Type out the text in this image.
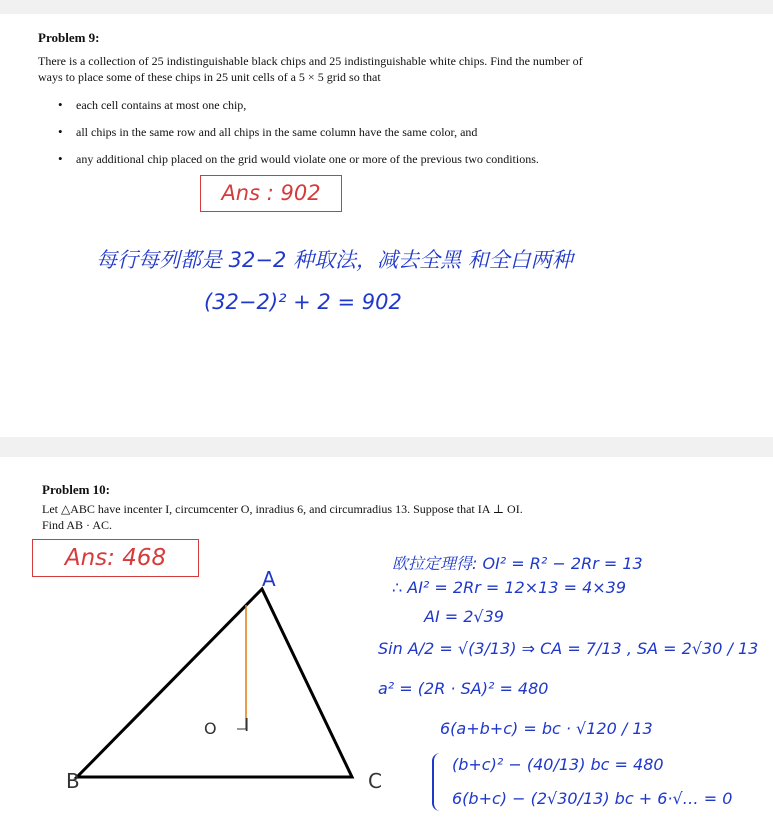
Problem 9:
There is a collection of 25 indistinguishable black chips and 25 indistinguishable white chips. Find the number of ways to place some of these chips in 25 unit cells of a 5 × 5 grid so that
• each cell contains at most one chip,
• all chips in the same row and all chips in the same column have the same color, and
• any additional chip placed on the grid would violate one or more of the previous two conditions.
Ans : 902
每行每列都是 32−2 种取法，减去全黑 和全白两种
(32−2)² + 2 = 902
Problem 10:
Let △ABC have incenter I, circumcenter O, inradius 6, and circumradius 13. Suppose that IA ⊥ OI.
Find AB · AC.
Ans: 468
A
B	C
O I
欧拉定理得: OI² = R² − 2Rr = 13
∴ AI² = 2Rr = 12×13 = 4×39
AI = 2√39
Sin A/2 = √(3/13) ⇒ CA = 7/13 , SA = 2√30 / 13
a² = (2R · SA)² = 480
6(a+b+c) = bc · √120 / 13
(b+c)² − (40/13) bc = 480
6(b+c) − (2√30/13) bc + 6·√… = 0
